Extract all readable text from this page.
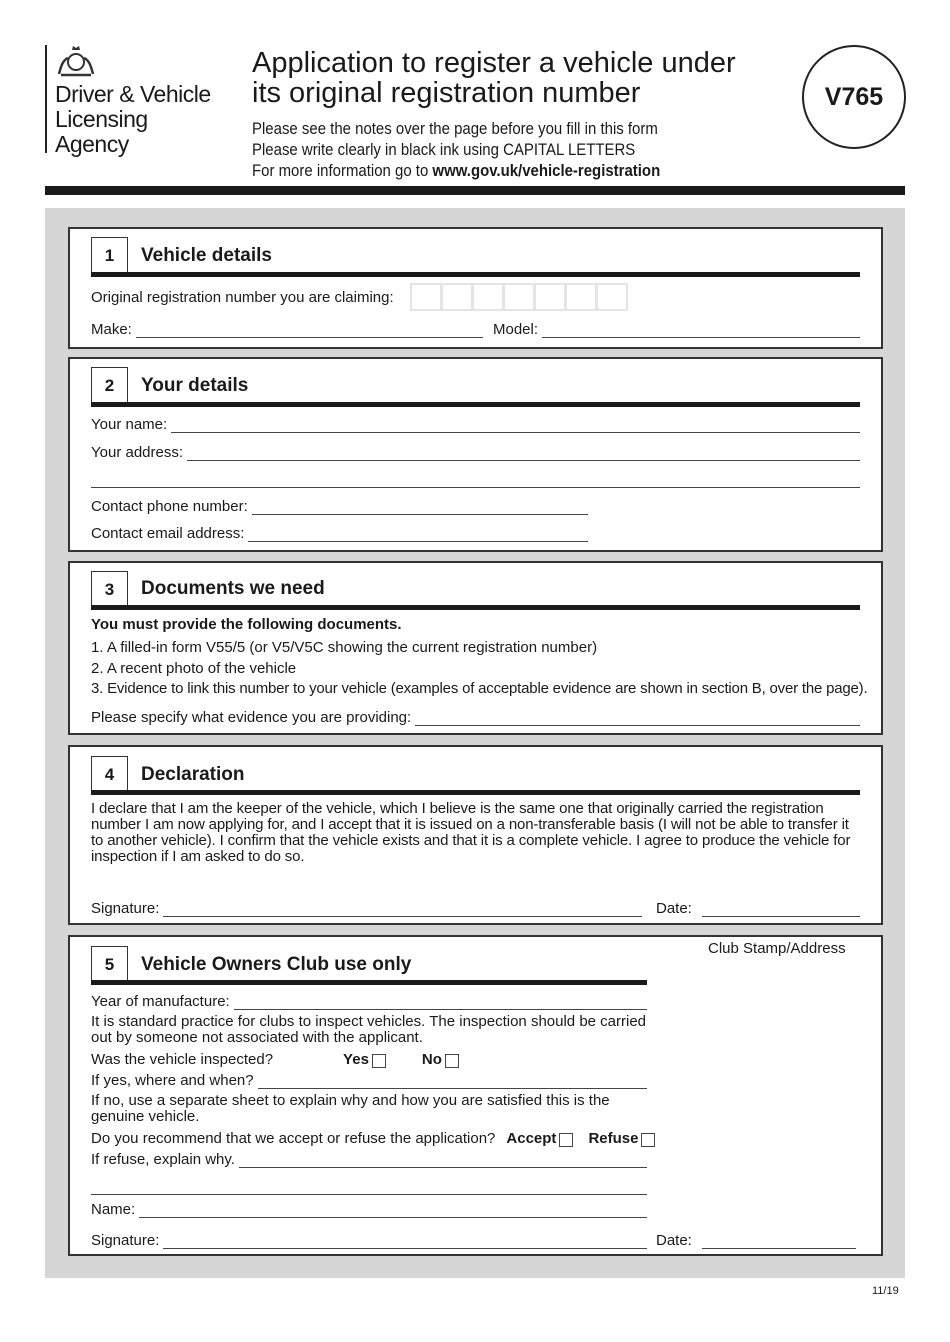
Driver & Vehicle
Licensing
Agency
Application to register a vehicle under
its original registration number
Please see the notes over the page before you fill in this form
Please write clearly in black ink using CAPITAL LETTERS
For more information go to www.gov.uk/vehicle-registration
V765
1	Vehicle details
Original registration number you are claiming:
Make:	Model:
2	Your details
Your name:
Your address:
Contact phone number:
Contact email address:
3	Documents we need
You must provide the following documents.
1. A filled-in form V55/5 (or V5/V5C showing the current registration number)
2. A recent photo of the vehicle
3. Evidence to link this number to your vehicle (examples of acceptable evidence are shown in section B, over the page).
Please specify what evidence you are providing:
4	Declaration
I declare that I am the keeper of the vehicle, which I believe is the same one that originally carried the registration number I am now applying for, and I accept that it is issued on a non-transferable basis (I will not be able to transfer it to another vehicle). I confirm that the vehicle exists and that it is a complete vehicle. I agree to produce the vehicle for inspection if I am asked to do so.
Signature:	Date:
Club Stamp/Address
5	Vehicle Owners Club use only
Year of manufacture:
It is standard practice for clubs to inspect vehicles. The inspection should be carried out by someone not associated with the applicant.
Was the vehicle inspected?	Yes	No
If yes, where and when?
If no, use a separate sheet to explain why and how you are satisfied this is the genuine vehicle.
Do you recommend that we accept or refuse the application? Accept Refuse
If refuse, explain why.
Name:
Signature:	Date:
11/19
